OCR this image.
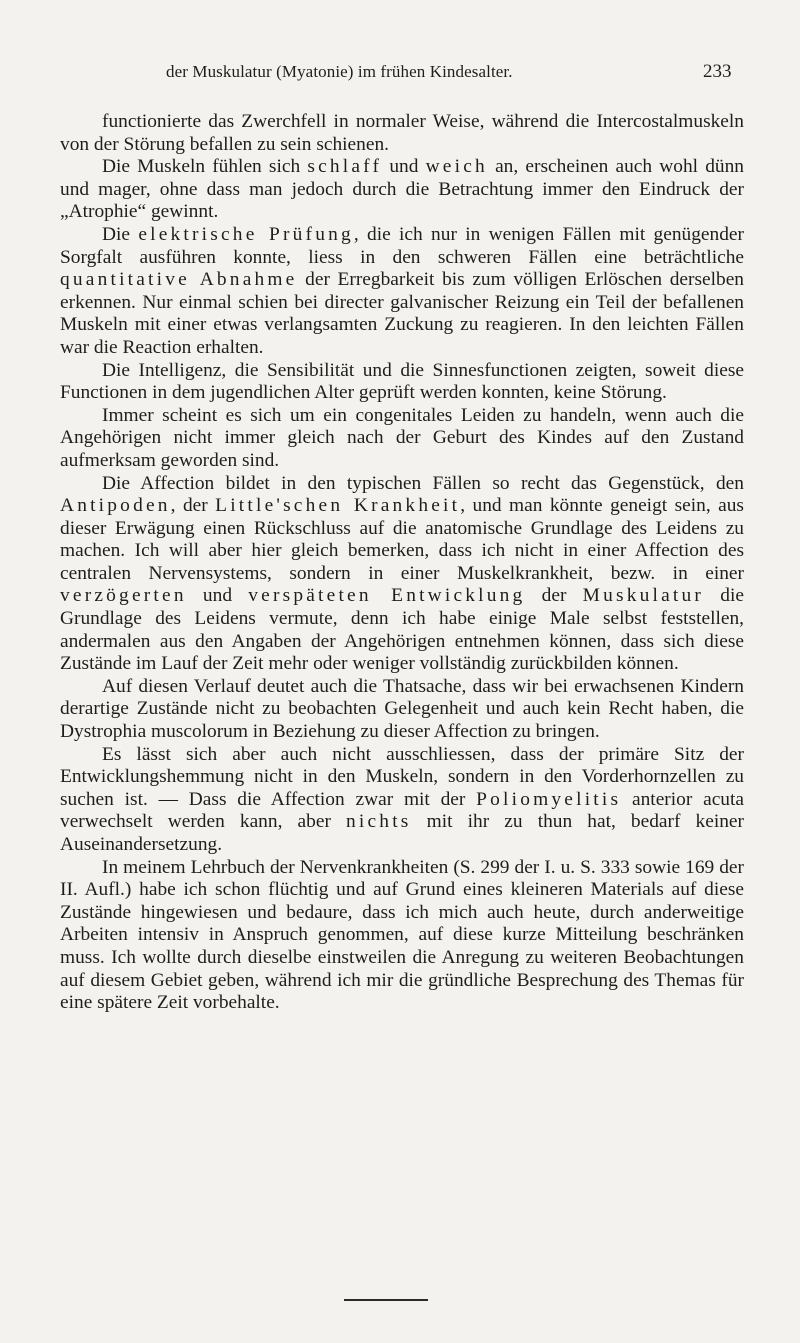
der Muskulatur (Myatonie) im frühen Kindesalter.	233

functionierte das Zwerchfell in normaler Weise, während die Intercostalmuskeln von der Störung befallen zu sein schienen.

Die Muskeln fühlen sich schlaff und weich an, erscheinen auch wohl dünn und mager, ohne dass man jedoch durch die Betrachtung immer den Eindruck der „Atrophie“ gewinnt.

Die elektrische Prüfung, die ich nur in wenigen Fällen mit genügender Sorgfalt ausführen konnte, liess in den schweren Fällen eine beträchtliche quantitative Abnahme der Erregbarkeit bis zum völligen Erlöschen derselben erkennen. Nur einmal schien bei directer galvanischer Reizung ein Teil der befallenen Muskeln mit einer etwas verlangsamten Zuckung zu reagieren. In den leichten Fällen war die Reaction erhalten.

Die Intelligenz, die Sensibilität und die Sinnesfunctionen zeigten, soweit diese Functionen in dem jugendlichen Alter geprüft werden konnten, keine Störung.

Immer scheint es sich um ein congenitales Leiden zu handeln, wenn auch die Angehörigen nicht immer gleich nach der Geburt des Kindes auf den Zustand aufmerksam geworden sind.

Die Affection bildet in den typischen Fällen so recht das Gegenstück, den Antipoden, der Little'schen Krankheit, und man könnte geneigt sein, aus dieser Erwägung einen Rückschluss auf die anatomische Grundlage des Leidens zu machen. Ich will aber hier gleich bemerken, dass ich nicht in einer Affection des centralen Nervensystems, sondern in einer Muskelkrankheit, bezw. in einer verzögerten und verspäteten Entwicklung der Muskulatur die Grundlage des Leidens vermute, denn ich habe einige Male selbst feststellen, andermalen aus den Angaben der Angehörigen entnehmen können, dass sich diese Zustände im Lauf der Zeit mehr oder weniger vollständig zurückbilden können.

Auf diesen Verlauf deutet auch die Thatsache, dass wir bei erwachsenen Kindern derartige Zustände nicht zu beobachten Gelegenheit und auch kein Recht haben, die Dystrophia muscolorum in Beziehung zu dieser Affection zu bringen.

Es lässt sich aber auch nicht ausschliessen, dass der primäre Sitz der Entwicklungshemmung nicht in den Muskeln, sondern in den Vorderhornzellen zu suchen ist. — Dass die Affection zwar mit der Poliomyelitis anterior acuta verwechselt werden kann, aber nichts mit ihr zu thun hat, bedarf keiner Auseinandersetzung.

In meinem Lehrbuch der Nervenkrankheiten (S. 299 der I. u. S. 333 sowie 169 der II. Aufl.) habe ich schon flüchtig und auf Grund eines kleineren Materials auf diese Zustände hingewiesen und bedaure, dass ich mich auch heute, durch anderweitige Arbeiten intensiv in Anspruch genommen, auf diese kurze Mitteilung beschränken muss. Ich wollte durch dieselbe einstweilen die Anregung zu weiteren Beobachtungen auf diesem Gebiet geben, während ich mir die gründliche Besprechung des Themas für eine spätere Zeit vorbehalte.
